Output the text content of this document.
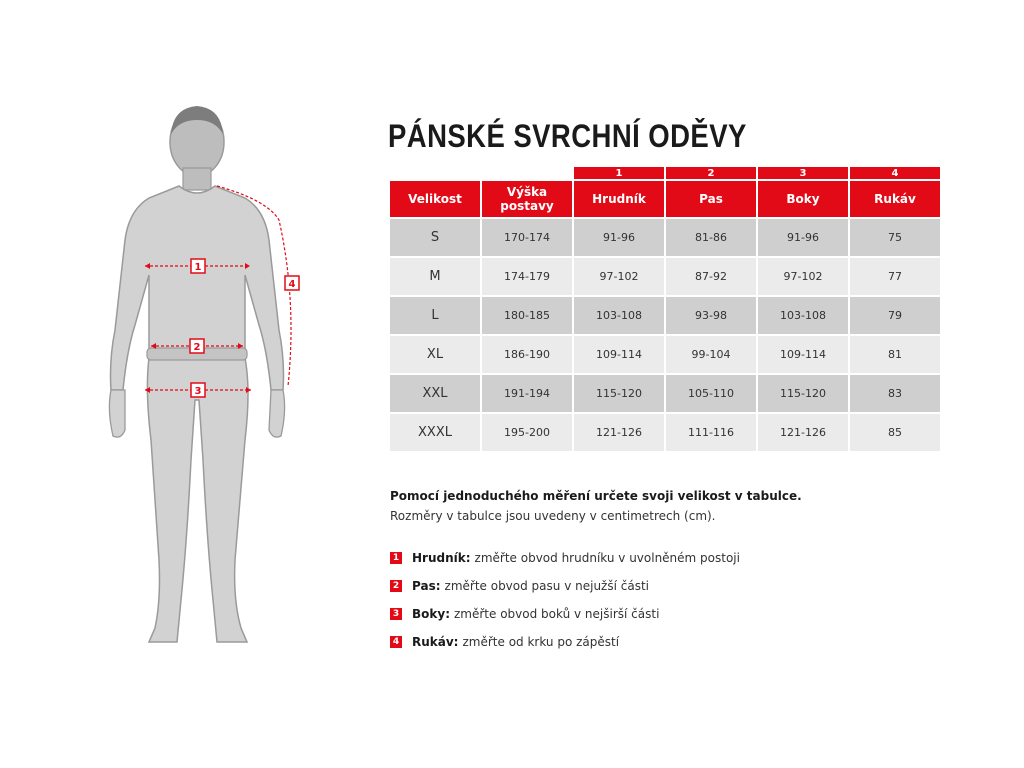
1
2
3
4
PÁNSKÉ SVRCHNÍ ODĚVY
		1	2	3	4
Velikost	Výška postavy	Hrudník	Pas	Boky	Rukáv
S	170-174	91-96	81-86	91-96	75
M	174-179	97-102	87-92	97-102	77
L	180-185	103-108	93-98	103-108	79
XL	186-190	109-114	99-104	109-114	81
XXL	191-194	115-120	105-110	115-120	83
XXXL	195-200	121-126	111-116	121-126	85

Pomocí jednoduchého měření určete svoji velikost v tabulce.

Rozměry v tabulce jsou uvedeny v centimetrech (cm).

1 Hrudník: změřte obvod hrudníku v uvolněném postoji
2 Pas: změřte obvod pasu v nejužší části
3 Boky: změřte obvod boků v nejširší části
4 Rukáv: změřte od krku po zápěstí
